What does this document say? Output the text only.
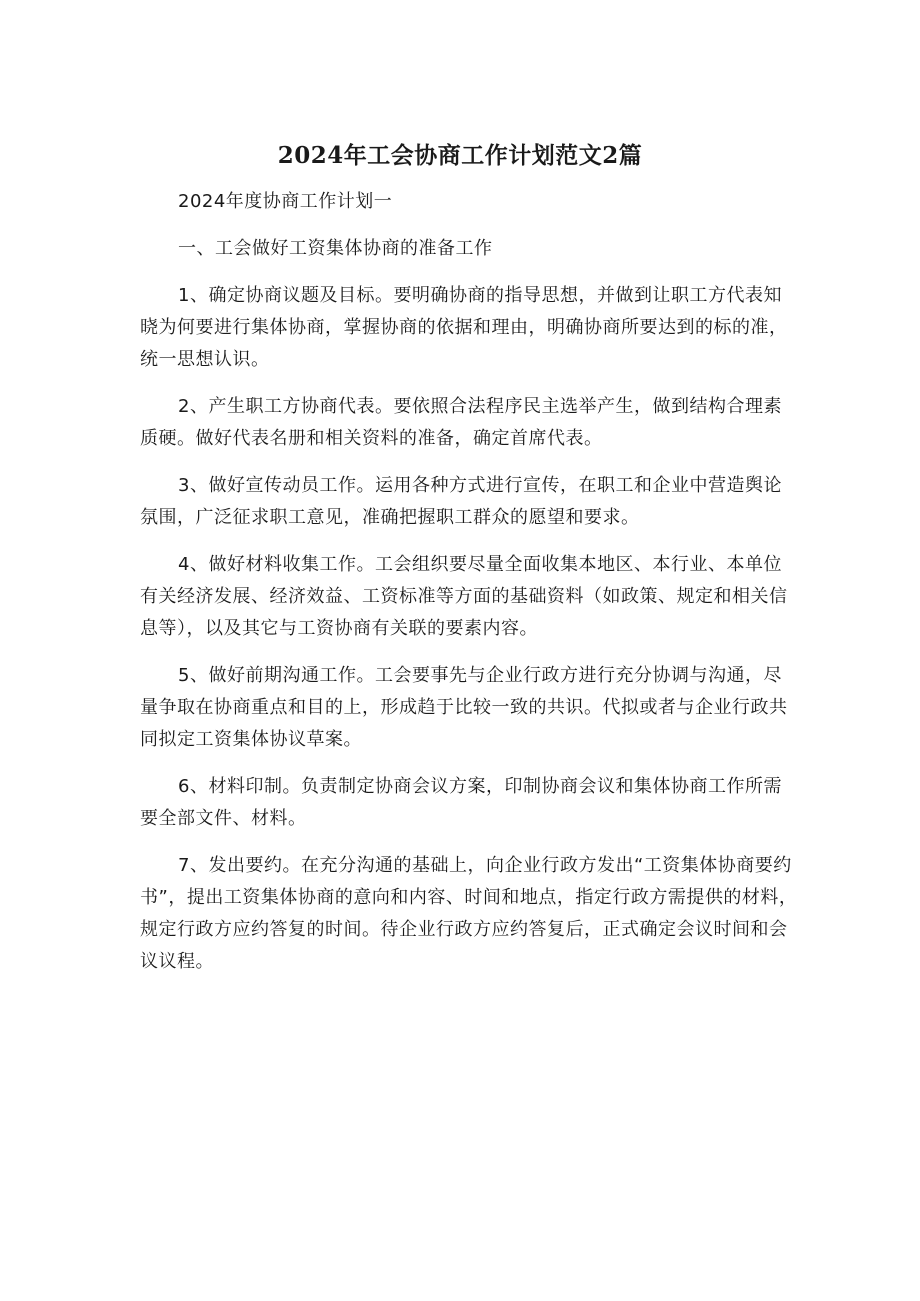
2024年工会协商工作计划范文2篇

2024年度协商工作计划一

一、工会做好工资集体协商的准备工作

1、确定协商议题及目标。要明确协商的指导思想，并做到让职工方代表知晓为何要进行集体协商，掌握协商的依据和理由，明确协商所要达到的标的准，统一思想认识。

2、产生职工方协商代表。要依照合法程序民主选举产生，做到结构合理素质硬。做好代表名册和相关资料的准备，确定首席代表。

3、做好宣传动员工作。运用各种方式进行宣传，在职工和企业中营造舆论氛围，广泛征求职工意见，准确把握职工群众的愿望和要求。

4、做好材料收集工作。工会组织要尽量全面收集本地区、本行业、本单位有关经济发展、经济效益、工资标准等方面的基础资料（如政策、规定和相关信息等），以及其它与工资协商有关联的要素内容。

5、做好前期沟通工作。工会要事先与企业行政方进行充分协调与沟通，尽量争取在协商重点和目的上，形成趋于比较一致的共识。代拟或者与企业行政共同拟定工资集体协议草案。

6、材料印制。负责制定协商会议方案，印制协商会议和集体协商工作所需要全部文件、材料。

7、发出要约。在充分沟通的基础上，向企业行政方发出“工资集体协商要约书”，提出工资集体协商的意向和内容、时间和地点，指定行政方需提供的材料，规定行政方应约答复的时间。待企业行政方应约答复后，正式确定会议时间和会议议程。
